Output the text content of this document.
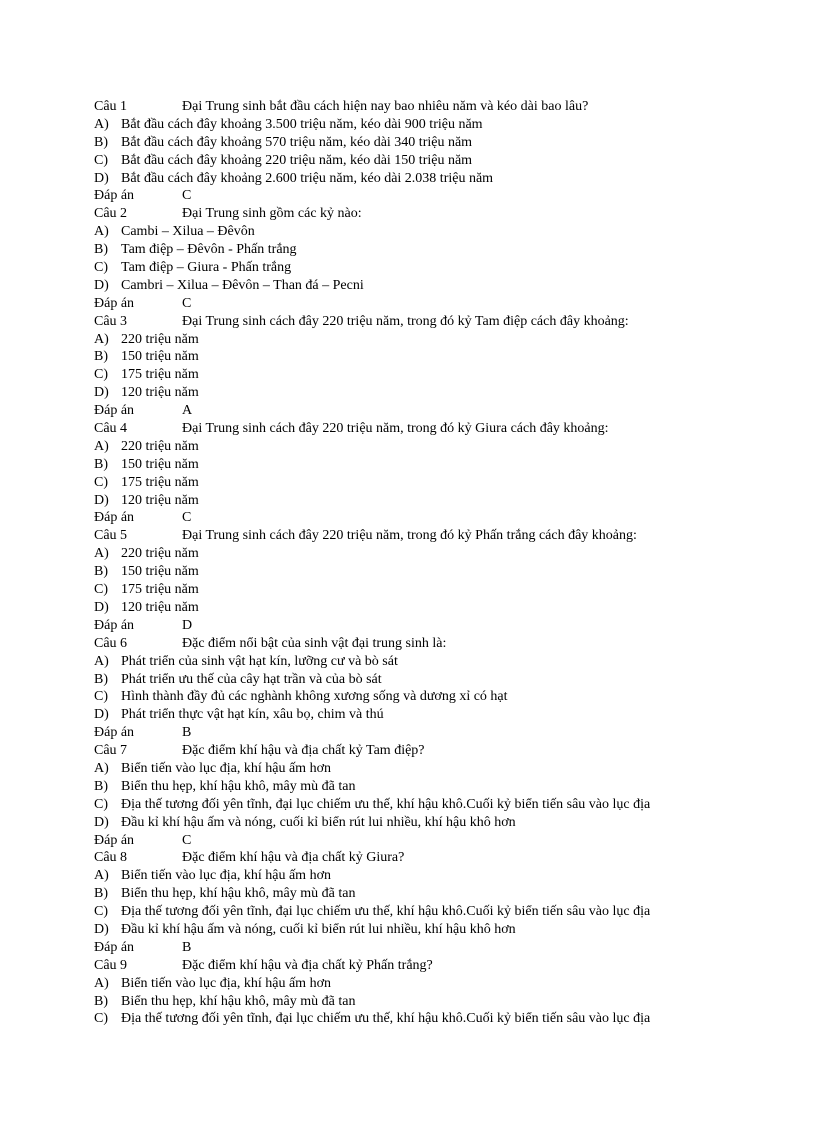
Câu 1	Đại Trung sinh bắt đầu cách hiện nay bao nhiêu năm và kéo dài bao lâu?
A) Bắt đầu cách đây khoảng 3.500 triệu năm, kéo dài 900 triệu năm
B) Bắt đầu cách đây khoảng 570 triệu năm, kéo dài 340 triệu năm
C) Bắt đầu cách đây khoảng 220 triệu năm, kéo dài 150 triệu năm
D) Bắt đầu cách đây khoảng 2.600 triệu năm, kéo dài 2.038 triệu năm
Đáp án	C
Câu 2	Đại Trung sinh gồm các kỷ nào:
A) Cambi – Xilua – Đêvôn
B) Tam điệp – Đêvôn - Phấn trắng
C) Tam điệp – Giura - Phấn trắng
D) Cambri – Xilua – Đêvôn – Than đá – Pecni
Đáp án	C
Câu 3	Đại Trung sinh cách đây 220 triệu năm, trong đó kỷ Tam điệp cách đây khoảng:
A) 220 triệu năm
B) 150 triệu năm
C) 175 triệu năm
D) 120 triệu năm
Đáp án	A
Câu 4	Đại Trung sinh cách đây 220 triệu năm, trong đó kỷ Giura cách đây khoảng:
A) 220 triệu năm
B) 150 triệu năm
C) 175 triệu năm
D) 120 triệu năm
Đáp án	C
Câu 5	Đại Trung sinh cách đây 220 triệu năm, trong đó kỷ Phấn trắng cách đây khoảng:
A) 220 triệu năm
B) 150 triệu năm
C) 175 triệu năm
D) 120 triệu năm
Đáp án	D
Câu 6	Đặc điểm nổi bật của sinh vật đại trung sinh là:
A) Phát triển của sinh vật hạt kín, lưỡng cư và bò sát
B) Phát triển ưu thế của cây hạt trần và của bò sát
C) Hình thành đầy đủ các nghành không xương sống và dương xỉ có hạt
D) Phát triển thực vật hạt kín, xâu bọ, chim và thú
Đáp án	B
Câu 7	Đặc điểm khí hậu và địa chất kỷ Tam điệp?
A) Biển tiến vào lục địa, khí hậu ấm hơn
B) Biển thu hẹp, khí hậu khô, mây mù đã tan
C) Địa thế tương đối yên tĩnh, đại lục chiếm ưu thế, khí hậu khô.Cuối kỷ biển tiến sâu vào lục địa
D) Đầu kỉ khí hậu ấm và nóng, cuối kỉ biển rút lui nhiều, khí hậu khô hơn
Đáp án	C
Câu 8	Đặc điểm khí hậu và địa chất kỷ Giura?
A) Biển tiến vào lục địa, khí hậu ấm hơn
B) Biển thu hẹp, khí hậu khô, mây mù đã tan
C) Địa thế tương đối yên tĩnh, đại lục chiếm ưu thế, khí hậu khô.Cuối kỷ biển tiến sâu vào lục địa
D) Đầu kỉ khí hậu ấm và nóng, cuối kỉ biển rút lui nhiều, khí hậu khô hơn
Đáp án	B
Câu 9	Đặc điểm khí hậu và địa chất kỷ Phấn trắng?
A) Biển tiến vào lục địa, khí hậu ấm hơn
B) Biển thu hẹp, khí hậu khô, mây mù đã tan
C) Địa thế tương đối yên tĩnh, đại lục chiếm ưu thế, khí hậu khô.Cuối kỷ biển tiến sâu vào lục địa
